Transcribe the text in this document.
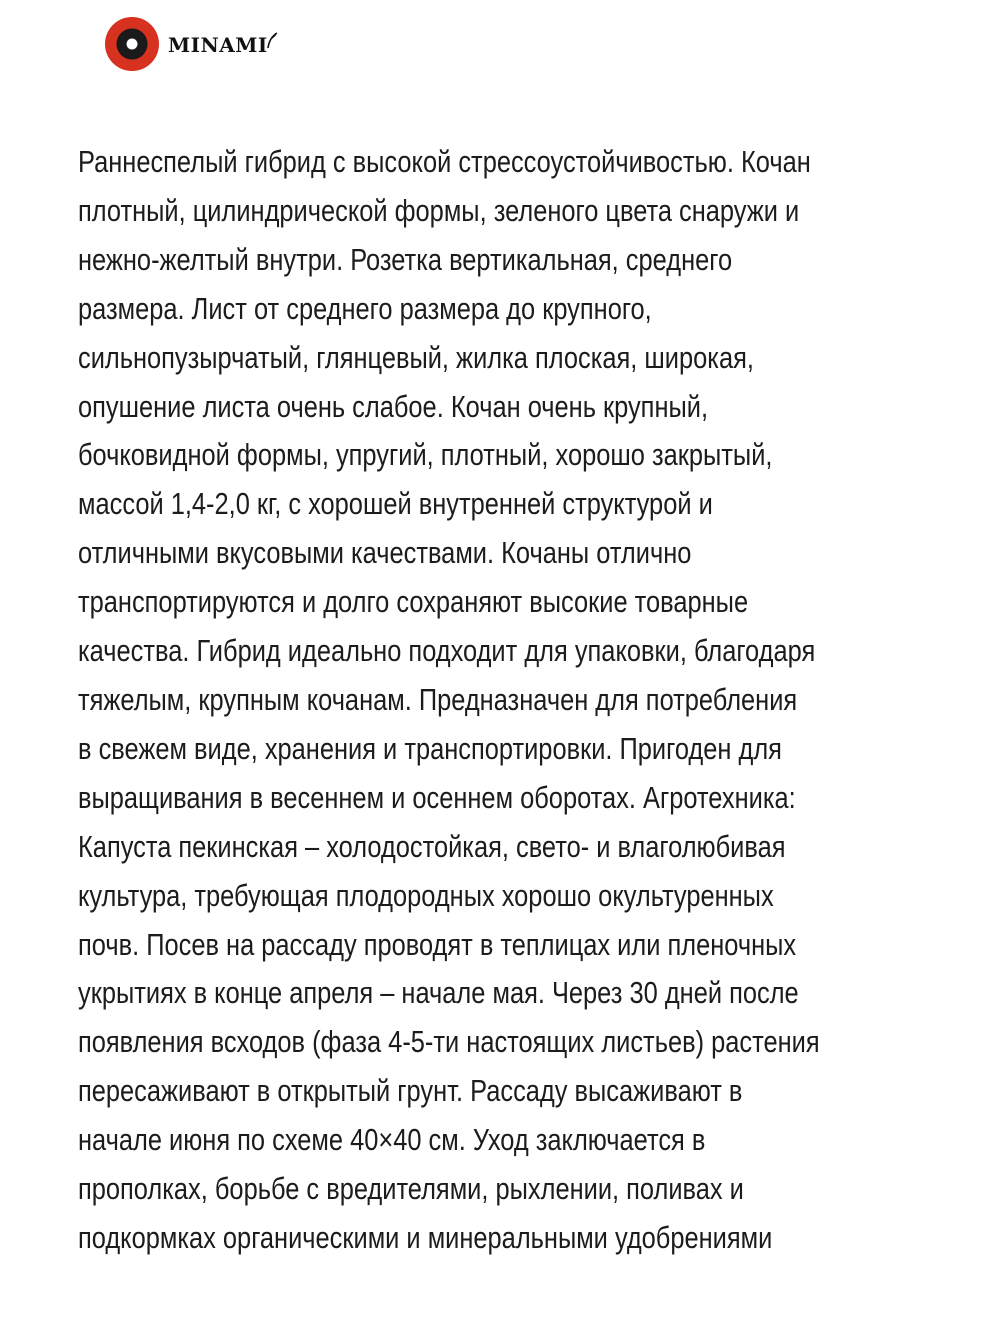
MINAMI

Раннеспелый гибрид с высокой стрессоустойчивостью. Кочан
плотный, цилиндрической формы, зеленого цвета снаружи и
нежно-желтый внутри. Розетка вертикальная, среднего
размера. Лист от среднего размера до крупного,
сильнопузырчатый, глянцевый, жилка плоская, широкая,
опушение листа очень слабое. Кочан очень крупный,
бочковидной формы, упругий, плотный, хорошо закрытый,
массой 1,4-2,0 кг, с хорошей внутренней структурой и
отличными вкусовыми качествами. Кочаны отлично
транспортируются и долго сохраняют высокие товарные
качества. Гибрид идеально подходит для упаковки, благодаря
тяжелым, крупным кочанам. Предназначен для потребления
в свежем виде, хранения и транспортировки. Пригоден для
выращивания в весеннем и осеннем оборотах. Агротехника:
Капуста пекинская – холодостойкая, свето- и влаголюбивая
культура, требующая плодородных хорошо окультуренных
почв. Посев на рассаду проводят в теплицах или пленочных
укрытиях в конце апреля – начале мая. Через 30 дней после
появления всходов (фаза 4-5-ти настоящих листьев) растения
пересаживают в открытый грунт. Рассаду высаживают в
начале июня по схеме 40×40 см. Уход заключается в
прополках, борьбе с вредителями, рыхлении, поливах и
подкормках органическими и минеральными удобрениями
